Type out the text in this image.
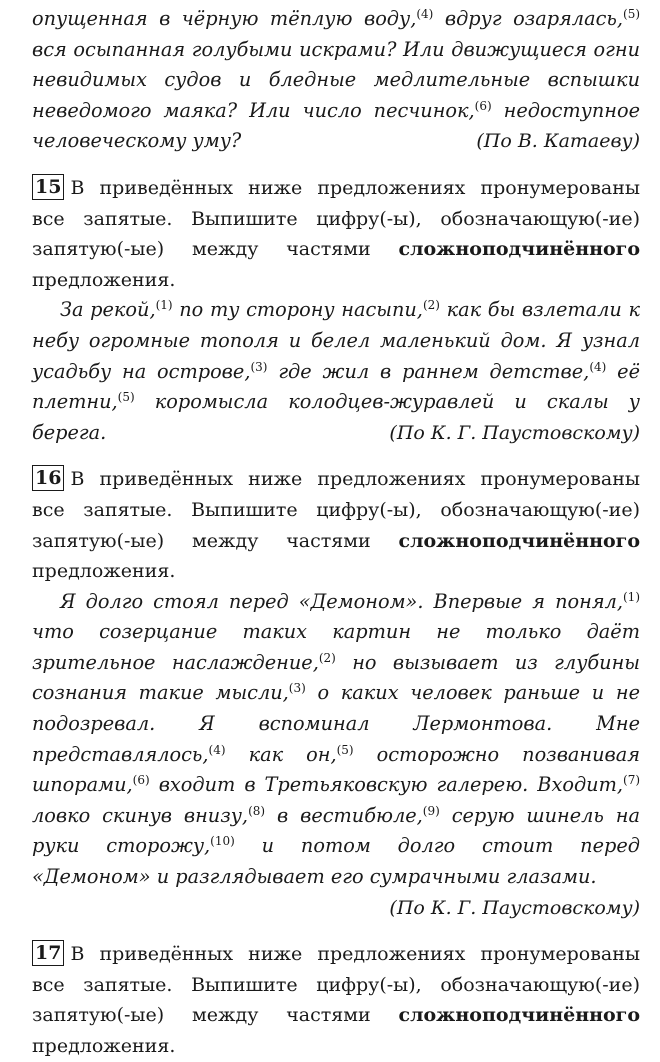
опущенная в чёрную тёплую воду,$^{(4)}$ вдруг озарялась,$^{(5)}$ вся осыпанная голубыми искрами? Или движущиеся огни невидимых судов и бледные медлительные вспышки неведомого маяка? Или число песчинок,$^{(6)}$ недоступное человеческому уму?	(По В. Катаеву)

15 В приведённых ниже предложениях пронумерованы все запятые. Выпишите цифру(-ы), обозначающую(-ие) запятую(-ые) между частями сложноподчинённого предложения.

За рекой,$^{(1)}$ по ту сторону насыпи,$^{(2)}$ как бы взлетали к небу огромные тополя и белел маленький дом. Я узнал усадьбу на острове,$^{(3)}$ где жил в раннем детстве,$^{(4)}$ её плетни,$^{(5)}$ коромысла колодцев-журавлей и скалы у берега.	(По К. Г. Паустовскому)

16 В приведённых ниже предложениях пронумерованы все запятые. Выпишите цифру(-ы), обозначающую(-ие) запятую(-ые) между частями сложноподчинённого предложения.

Я долго стоял перед «Демоном». Впервые я понял,$^{(1)}$ что созерцание таких картин не только даёт зрительное наслаждение,$^{(2)}$ но вызывает из глубины сознания такие мысли,$^{(3)}$ о каких человек раньше и не подозревал. Я вспоминал Лермонтова. Мне представлялось,$^{(4)}$ как он,$^{(5)}$ осторожно позванивая шпорами,$^{(6)}$ входит в Третьяковскую галерею. Входит,$^{(7)}$ ловко скинув внизу,$^{(8)}$ в вестибюле,$^{(9)}$ серую шинель на руки сторожу,$^{(10)}$ и потом долго стоит перед «Демоном» и разглядывает его сумрачными глазами.

(По К. Г. Паустовскому)

17 В приведённых ниже предложениях пронумерованы все запятые. Выпишите цифру(-ы), обозначающую(-ие) запятую(-ые) между частями сложноподчинённого предложения.
